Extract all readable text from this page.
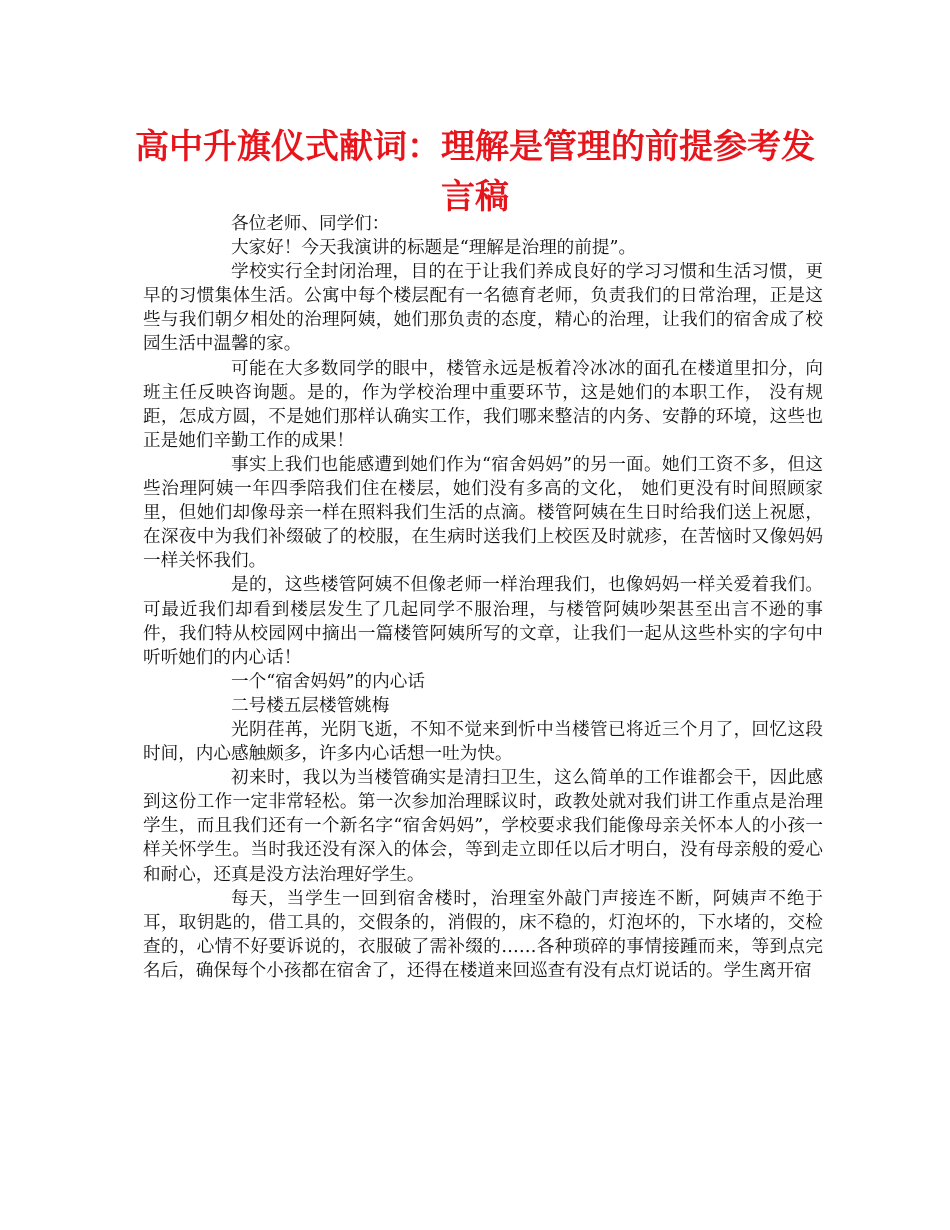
高中升旗仪式献词：理解是管理的前提参考发言稿

各位老师、同学们：

大家好！今天我演讲的标题是“理解是治理的前提”。

学校实行全封闭治理，目的在于让我们养成良好的学习习惯和生活习惯，更早的习惯集体生活。公寓中每个楼层配有一名德育老师，负责我们的日常治理，正是这些与我们朝夕相处的治理阿姨，她们那负责的态度，精心的治理，让我们的宿舍成了校园生活中温馨的家。

可能在大多数同学的眼中，楼管永远是板着冷冰冰的面孔在楼道里扣分，向班主任反映咨询题。是的，作为学校治理中重要环节，这是她们的本职工作， 没有规距，怎成方圆，不是她们那样认确实工作，我们哪来整洁的内务、安静的环境，这些也正是她们辛勤工作的成果！

事实上我们也能感遭到她们作为“宿舍妈妈”的另一面。她们工资不多，但这些治理阿姨一年四季陪我们住在楼层，她们没有多高的文化， 她们更没有时间照顾家里，但她们却像母亲一样在照料我们生活的点滴。楼管阿姨在生日时给我们送上祝愿，在深夜中为我们补缀破了的校服，在生病时送我们上校医及时就疹，在苦恼时又像妈妈一样关怀我们。

是的，这些楼管阿姨不但像老师一样治理我们，也像妈妈一样关爱着我们。可最近我们却看到楼层发生了几起同学不服治理，与楼管阿姨吵架甚至出言不逊的事件，我们特从校园网中摘出一篇楼管阿姨所写的文章，让我们一起从这些朴实的字句中听听她们的内心话！

一个“宿舍妈妈”的内心话

二号楼五层楼管姚梅

光阴荏苒，光阴飞逝，不知不觉来到忻中当楼管已将近三个月了，回忆这段时间，内心感触颇多，许多内心话想一吐为快。

初来时，我以为当楼管确实是清扫卫生，这么简单的工作谁都会干，因此感到这份工作一定非常轻松。第一次参加治理睬议时，政教处就对我们讲工作重点是治理学生，而且我们还有一个新名字“宿舍妈妈”，学校要求我们能像母亲关怀本人的小孩一样关怀学生。当时我还没有深入的体会，等到走立即任以后才明白，没有母亲般的爱心和耐心，还真是没方法治理好学生。

每天，当学生一回到宿舍楼时，治理室外敲门声接连不断，阿姨声不绝于耳，取钥匙的，借工具的，交假条的，消假的，床不稳的，灯泡坏的，下水堵的，交检查的，心情不好要诉说的，衣服破了需补缀的……各种琐碎的事情接踵而来，等到点完名后，确保每个小孩都在宿舍了，还得在楼道来回巡查有没有点灯说话的。学生离开宿
